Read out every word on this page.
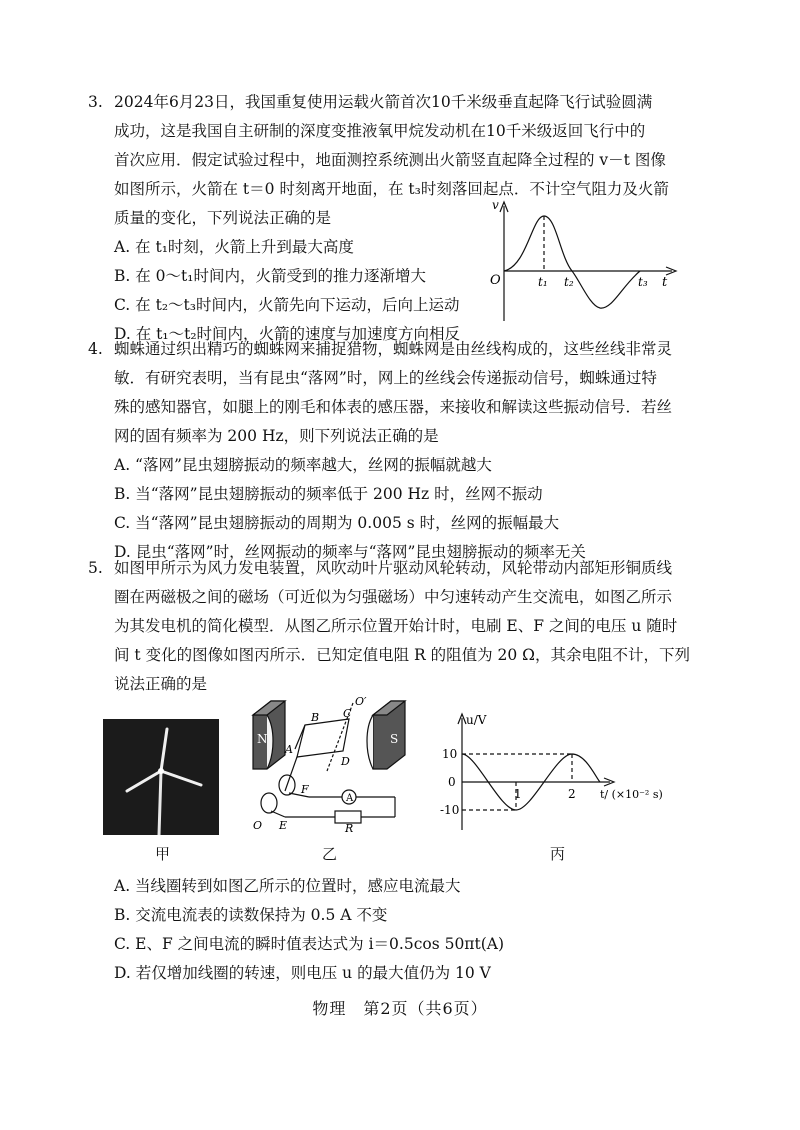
3. 2024年6月23日，我国重复使用运载火箭首次10千米级垂直起降飞行试验圆满

成功，这是我国自主研制的深度变推液氧甲烷发动机在10千米级返回飞行中的

首次应用．假定试验过程中，地面测控系统测出火箭竖直起降全过程的 v－t 图像

如图所示，火箭在 t＝0 时刻离开地面，在 t₃时刻落回起点．不计空气阻力及火箭

质量的变化，下列说法正确的是

A. 在 t₁时刻，火箭上升到最大高度

B. 在 0～t₁时间内，火箭受到的推力逐渐增大

C. 在 t₂～t₃时间内，火箭先向下运动，后向上运动

D. 在 t₁～t₂时间内，火箭的速度与加速度方向相反

v
O	t₁ t₂	t₃ t

4. 蜘蛛通过织出精巧的蜘蛛网来捕捉猎物，蜘蛛网是由丝线构成的，这些丝线非常灵

敏．有研究表明，当有昆虫“落网”时，网上的丝线会传递振动信号，蜘蛛通过特

殊的感知器官，如腿上的刚毛和体表的感压器，来接收和解读这些振动信号．若丝

网的固有频率为 200 Hz，则下列说法正确的是

A. “落网”昆虫翅膀振动的频率越大，丝网的振幅就越大

B. 当“落网”昆虫翅膀振动的频率低于 200 Hz 时，丝网不振动

C. 当“落网”昆虫翅膀振动的周期为 0.005 s 时，丝网的振幅最大

D. 昆虫“落网”时，丝网振动的频率与“落网”昆虫翅膀振动的频率无关

5. 如图甲所示为风力发电装置，风吹动叶片驱动风轮转动，风轮带动内部矩形铜质线

圈在两磁极之间的磁场（可近似为匀强磁场）中匀速转动产生交流电，如图乙所示

为其发电机的简化模型．从图乙所示位置开始计时，电刷 E、F 之间的电压 u 随时

间 t 变化的图像如图丙所示．已知定值电阻 R 的阻值为 20 Ω，其余电阻不计，下列

说法正确的是

O′
B C
N
A
S
D
F
A
O E	R
u/V
10
0
-10
1	2 t/ (×10⁻² s)
甲	乙	丙

A. 当线圈转到如图乙所示的位置时，感应电流最大

B. 交流电流表的读数保持为 0.5 A 不变

C. E、F 之间电流的瞬时值表达式为 i＝0.5cos 50πt(A)

D. 若仅增加线圈的转速，则电压 u 的最大值仍为 10 V

物理　第2页（共6页）
